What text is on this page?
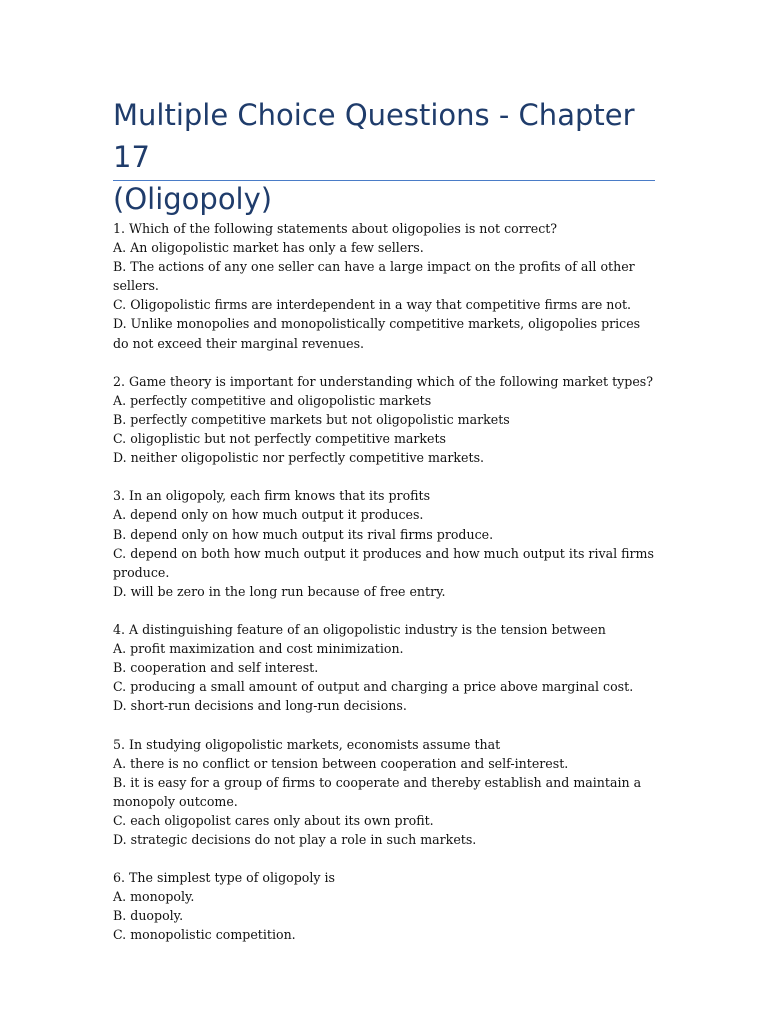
Multiple Choice Questions - Chapter 17
(Oligopoly)

1. Which of the following statements about oligopolies is not correct?

A. An oligopolistic market has only a few sellers.

B. The actions of any one seller can have a large impact on the profits of all other sellers.

C. Oligopolistic firms are interdependent in a way that competitive firms are not.

D. Unlike monopolies and monopolistically competitive markets, oligopolies prices do not exceed their marginal revenues.

2. Game theory is important for understanding which of the following market types?

A. perfectly competitive and oligopolistic markets

B. perfectly competitive markets but not oligopolistic markets

C. oligoplistic but not perfectly competitive markets

D. neither oligopolistic nor perfectly competitive markets.

3. In an oligopoly, each firm knows that its profits

A. depend only on how much output it produces.

B. depend only on how much output its rival firms produce.

C. depend on both how much output it produces and how much output its rival firms produce.

D. will be zero in the long run because of free entry.

4. A distinguishing feature of an oligopolistic industry is the tension between

A. profit maximization and cost minimization.

B. cooperation and self interest.

C. producing a small amount of output and charging a price above marginal cost.

D. short-run decisions and long-run decisions.

5. In studying oligopolistic markets, economists assume that

A. there is no conflict or tension between cooperation and self-interest.

B. it is easy for a group of firms to cooperate and thereby establish and maintain a monopoly outcome.

C. each oligopolist cares only about its own profit.

D. strategic decisions do not play a role in such markets.

6. The simplest type of oligopoly is

A. monopoly.

B. duopoly.

C. monopolistic competition.
